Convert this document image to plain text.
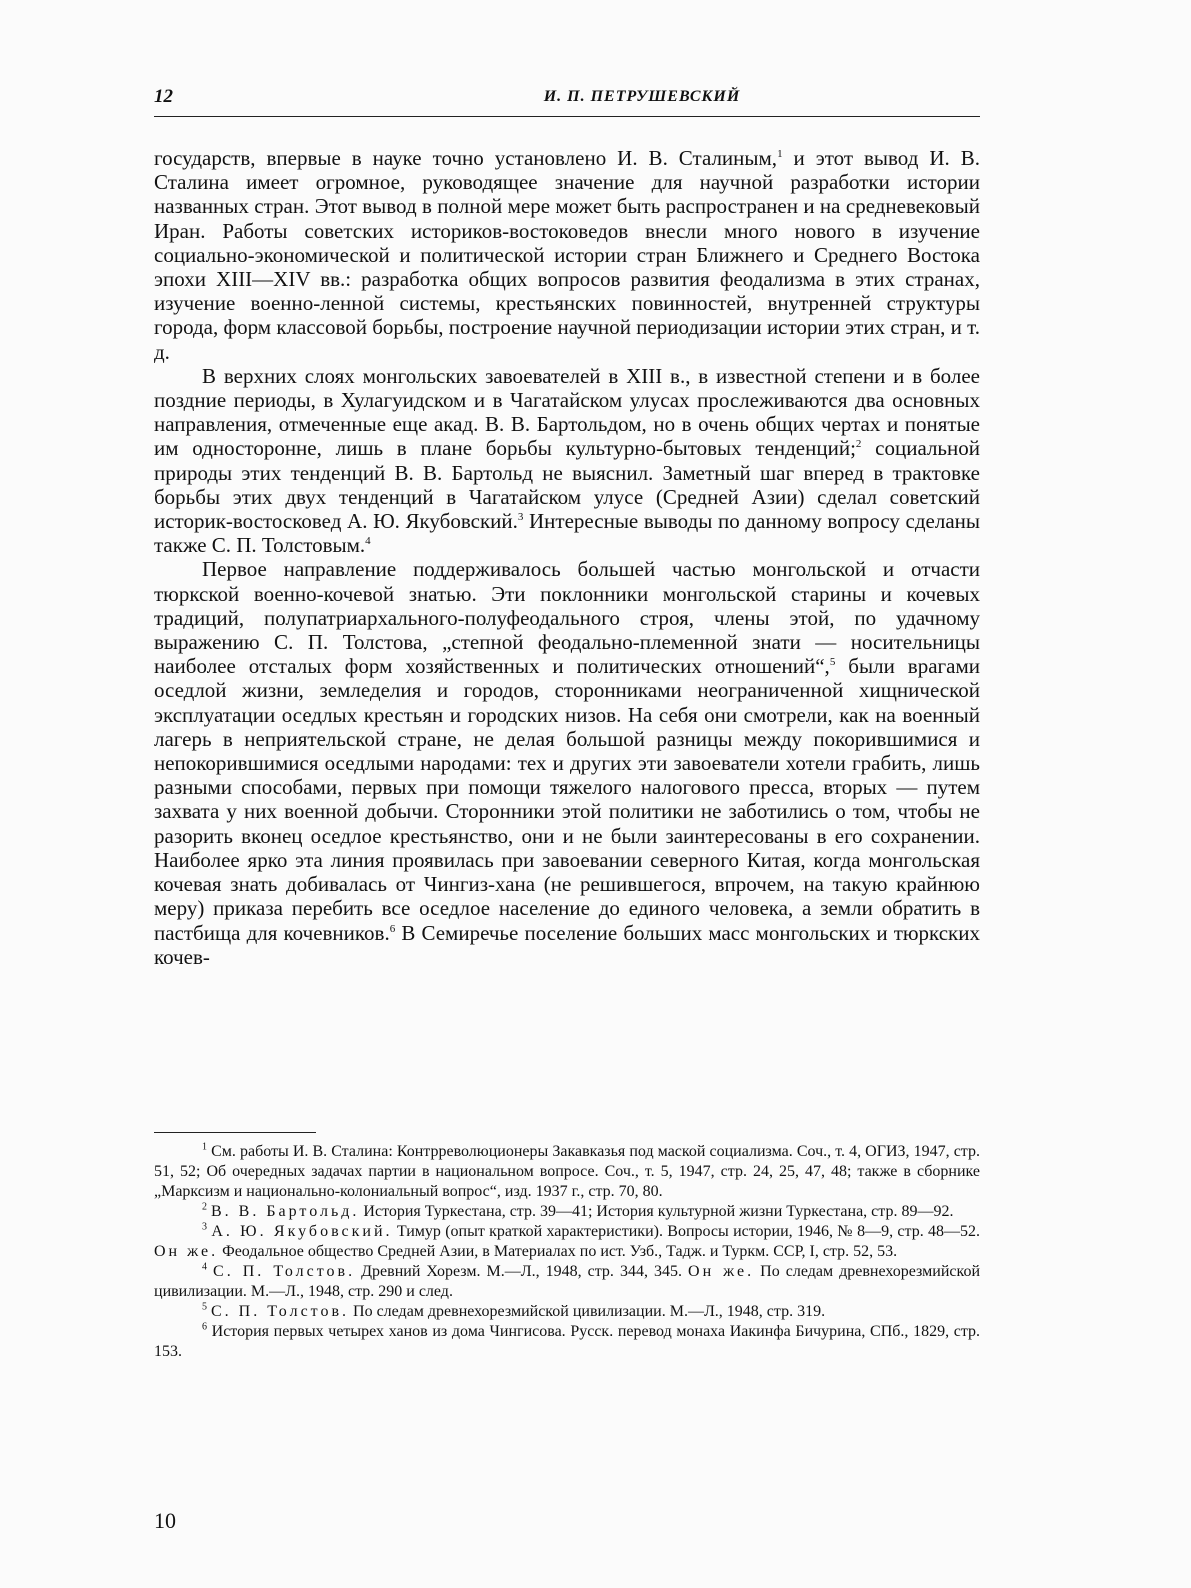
12	И. П. ПЕТРУШЕВСКИЙ

государств, впервые в науке точно установлено И. В. Сталиным,$^1$ и этот вывод И. В. Сталина имеет огромное, руководящее значение для научной разработки истории названных стран. Этот вывод в полной мере может быть распространен и на средневековый Иран. Работы советских историков-востоковедов внесли много нового в изучение социально-экономической и политической истории стран Ближнего и Среднего Востока эпохи XIII—XIV вв.: разработка общих вопросов развития феодализма в этих странах, изучение военно-ленной системы, крестьянских повинностей, внутренней структуры города, форм классовой борьбы, построение научной периодизации истории этих стран, и т. д.

В верхних слоях монгольских завоевателей в XIII в., в известной степени и в более поздние периоды, в Хулагуидском и в Чагатайском улусах прослеживаются два основных направления, отмеченные еще акад. В. В. Бартольдом, но в очень общих чертах и понятые им односторонне, лишь в плане борьбы культурно-бытовых тенденций;$^2$ социальной природы этих тенденций В. В. Бартольд не выяснил. Заметный шаг вперед в трактовке борьбы этих двух тенденций в Чагатайском улусе (Средней Азии) сделал советский историк-востосковед А. Ю. Якубовский.$^3$ Интересные выводы по данному вопросу сделаны также С. П. Толстовым.$^4$

Первое направление поддерживалось большей частью монгольской и отчасти тюркской военно-кочевой знатью. Эти поклонники монгольской старины и кочевых традиций, полупатриархального-полуфеодального строя, члены этой, по удачному выражению С. П. Толстова, „степной феодально-племенной знати — носительницы наиболее отсталых форм хозяйственных и политических отношений“,$^5$ были врагами оседлой жизни, земледелия и городов, сторонниками неограниченной хищнической эксплуатации оседлых крестьян и городских низов. На себя они смотрели, как на военный лагерь в неприятельской стране, не делая большой разницы между покорившимися и непокорившимися оседлыми народами: тех и других эти завоеватели хотели грабить, лишь разными способами, первых при помощи тяжелого налогового пресса, вторых — путем захвата у них военной добычи. Сторонники этой политики не заботились о том, чтобы не разорить вконец оседлое крестьянство, они и не были заинтересованы в его сохранении. Наиболее ярко эта линия проявилась при завоевании северного Китая, когда монгольская кочевая знать добивалась от Чингиз-хана (не решившегося, впрочем, на такую крайнюю меру) приказа перебить все оседлое население до единого человека, а земли обратить в пастбища для кочевников.$^6$ В Семиречье поселение больших масс монгольских и тюркских кочев-

$^1$ См. работы И. В. Сталина: Контрреволюционеры Закавказья под маской социализма. Соч., т. 4, ОГИЗ, 1947, стр. 51, 52; Об очередных задачах партии в национальном вопросе. Соч., т. 5, 1947, стр. 24, 25, 47, 48; также в сборнике „Марксизм и национально-колониальный вопрос“, изд. 1937 г., стр. 70, 80.

$^2$ В. В. Бартольд. История Туркестана, стр. 39—41; История культурной жизни Туркестана, стр. 89—92.

$^3$ А. Ю. Якубовский. Тимур (опыт краткой характеристики). Вопросы истории, 1946, № 8—9, стр. 48—52. Он же. Феодальное общество Средней Азии, в Материалах по ист. Узб., Тадж. и Туркм. ССР, I, стр. 52, 53.

$^4$ С. П. Толстов. Древний Хорезм. М.—Л., 1948, стр. 344, 345. Он же. По следам древнехорезмийской цивилизации. М.—Л., 1948, стр. 290 и след.

$^5$ С. П. Толстов. По следам древнехорезмийской цивилизации. М.—Л., 1948, стр. 319.

$^6$ История первых четырех ханов из дома Чингисова. Русск. перевод монаха Иакинфа Бичурина, СПб., 1829, стр. 153.

10
